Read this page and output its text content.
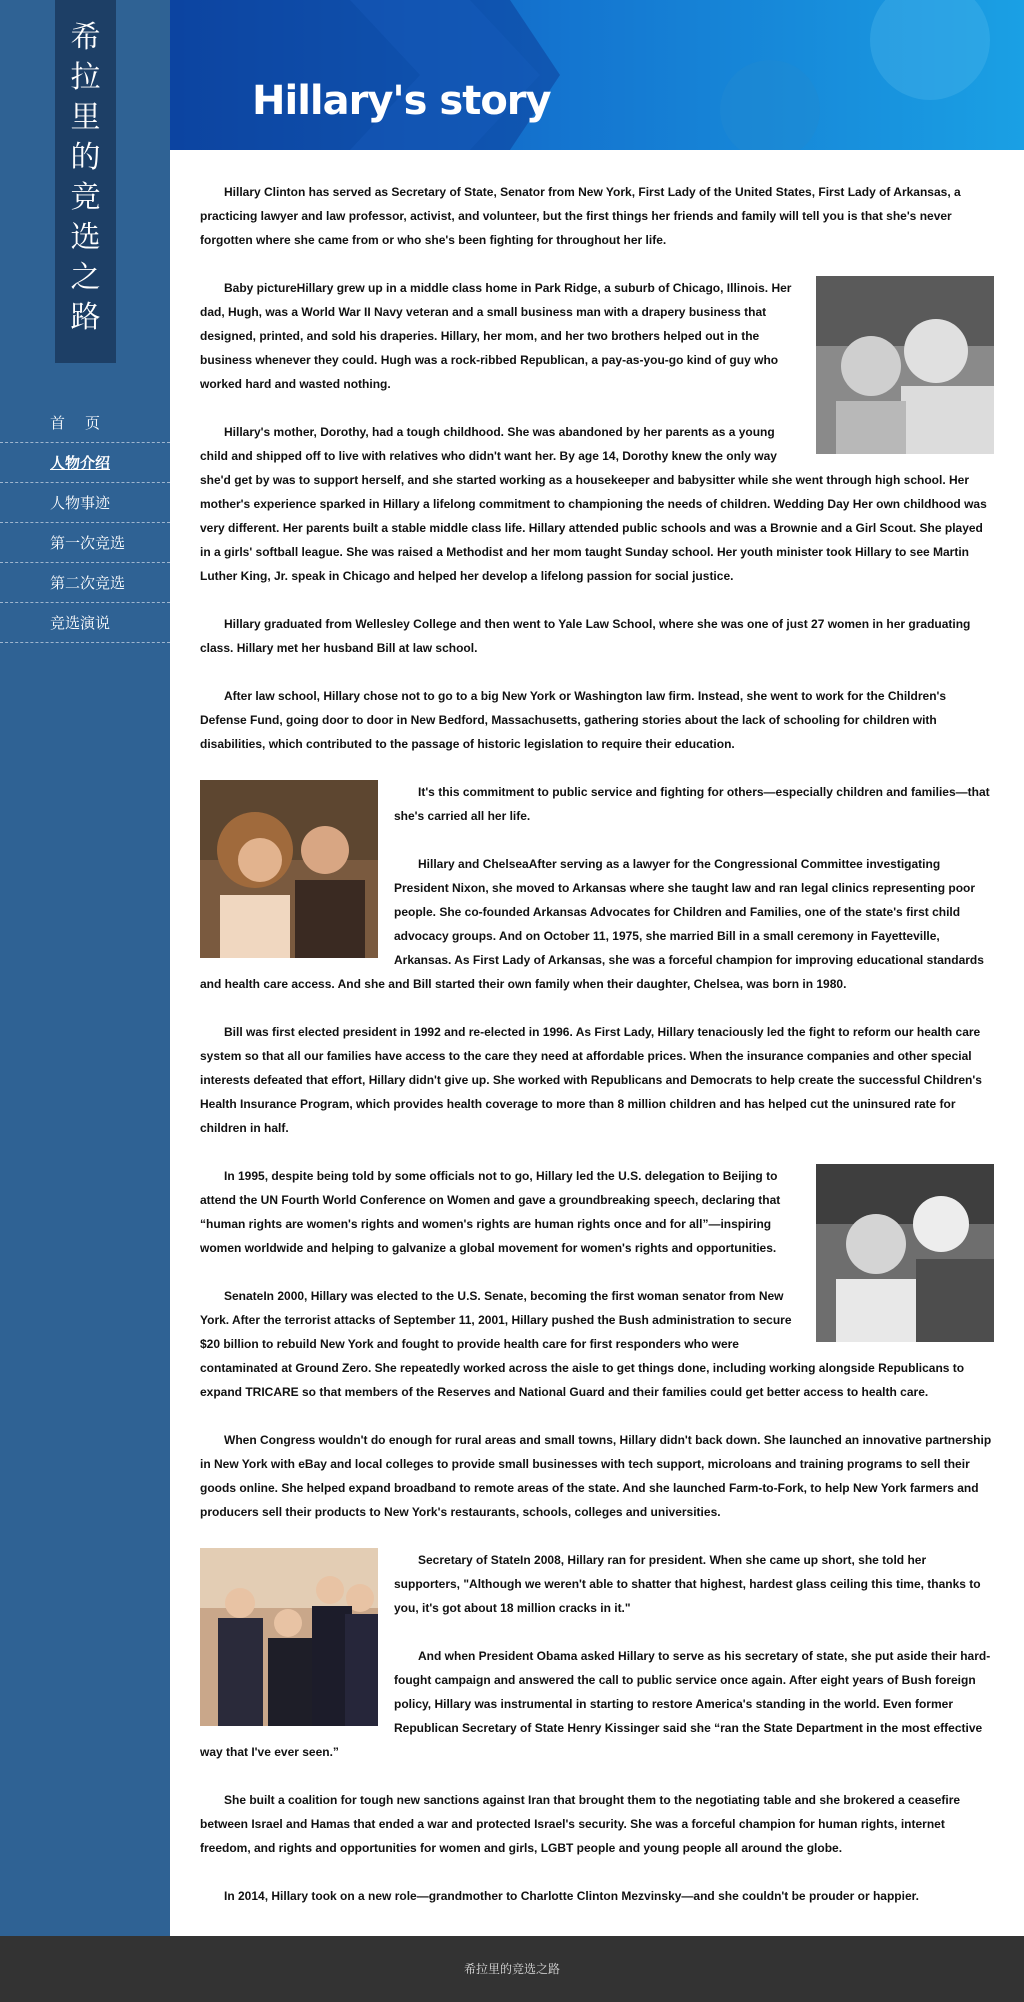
希
拉
里
的
竞
选
之
路
首页
人物介绍
人物事迹
第一次竞选
第二次竞选
竞选演说
Hillary's story

Hillary Clinton has served as Secretary of State, Senator from New York, First Lady of the United States, First Lady of Arkansas, a practicing lawyer and law professor, activist, and volunteer, but the first things her friends and family will tell you is that she's never forgotten where she came from or who she's been fighting for throughout her life.

Baby pictureHillary grew up in a middle class home in Park Ridge, a suburb of Chicago, Illinois. Her dad, Hugh, was a World War II Navy veteran and a small business man with a drapery business that designed, printed, and sold his draperies. Hillary, her mom, and her two brothers helped out in the business whenever they could. Hugh was a rock-ribbed Republican, a pay-as-you-go kind of guy who worked hard and wasted nothing.

Hillary's mother, Dorothy, had a tough childhood. She was abandoned by her parents as a young child and shipped off to live with relatives who didn't want her. By age 14, Dorothy knew the only way she'd get by was to support herself, and she started working as a housekeeper and babysitter while she went through high school. Her mother's experience sparked in Hillary a lifelong commitment to championing the needs of children. Wedding Day Her own childhood was very different. Her parents built a stable middle class life. Hillary attended public schools and was a Brownie and a Girl Scout. She played in a girls' softball league. She was raised a Methodist and her mom taught Sunday school. Her youth minister took Hillary to see Martin Luther King, Jr. speak in Chicago and helped her develop a lifelong passion for social justice.

Hillary graduated from Wellesley College and then went to Yale Law School, where she was one of just 27 women in her graduating class. Hillary met her husband Bill at law school.

After law school, Hillary chose not to go to a big New York or Washington law firm. Instead, she went to work for the Children's Defense Fund, going door to door in New Bedford, Massachusetts, gathering stories about the lack of schooling for children with disabilities, which contributed to the passage of historic legislation to require their education.

It's this commitment to public service and fighting for others—especially children and families—that she's carried all her life.

Hillary and ChelseaAfter serving as a lawyer for the Congressional Committee investigating President Nixon, she moved to Arkansas where she taught law and ran legal clinics representing poor people. She co-founded Arkansas Advocates for Children and Families, one of the state's first child advocacy groups. And on October 11, 1975, she married Bill in a small ceremony in Fayetteville, Arkansas. As First Lady of Arkansas, she was a forceful champion for improving educational standards and health care access. And she and Bill started their own family when their daughter, Chelsea, was born in 1980.

Bill was first elected president in 1992 and re-elected in 1996. As First Lady, Hillary tenaciously led the fight to reform our health care system so that all our families have access to the care they need at affordable prices. When the insurance companies and other special interests defeated that effort, Hillary didn't give up. She worked with Republicans and Democrats to help create the successful Children's Health Insurance Program, which provides health coverage to more than 8 million children and has helped cut the uninsured rate for children in half.

In 1995, despite being told by some officials not to go, Hillary led the U.S. delegation to Beijing to attend the UN Fourth World Conference on Women and gave a groundbreaking speech, declaring that “human rights are women's rights and women's rights are human rights once and for all”—inspiring women worldwide and helping to galvanize a global movement for women's rights and opportunities.

SenateIn 2000, Hillary was elected to the U.S. Senate, becoming the first woman senator from New York. After the terrorist attacks of September 11, 2001, Hillary pushed the Bush administration to secure $20 billion to rebuild New York and fought to provide health care for first responders who were contaminated at Ground Zero. She repeatedly worked across the aisle to get things done, including working alongside Republicans to expand TRICARE so that members of the Reserves and National Guard and their families could get better access to health care.

When Congress wouldn't do enough for rural areas and small towns, Hillary didn't back down. She launched an innovative partnership in New York with eBay and local colleges to provide small businesses with tech support, microloans and training programs to sell their goods online. She helped expand broadband to remote areas of the state. And she launched Farm-to-Fork, to help New York farmers and producers sell their products to New York's restaurants, schools, colleges and universities.

Secretary of StateIn 2008, Hillary ran for president. When she came up short, she told her supporters, "Although we weren't able to shatter that highest, hardest glass ceiling this time, thanks to you, it's got about 18 million cracks in it."

And when President Obama asked Hillary to serve as his secretary of state, she put aside their hard-fought campaign and answered the call to public service once again. After eight years of Bush foreign policy, Hillary was instrumental in starting to restore America's standing in the world. Even former Republican Secretary of State Henry Kissinger said she “ran the State Department in the most effective way that I've ever seen.”

She built a coalition for tough new sanctions against Iran that brought them to the negotiating table and she brokered a ceasefire between Israel and Hamas that ended a war and protected Israel's security. She was a forceful champion for human rights, internet freedom, and rights and opportunities for women and girls, LGBT people and young people all around the globe.

In 2014, Hillary took on a new role—grandmother to Charlotte Clinton Mezvinsky—and she couldn't be prouder or happier.

希拉里的竞选之路
